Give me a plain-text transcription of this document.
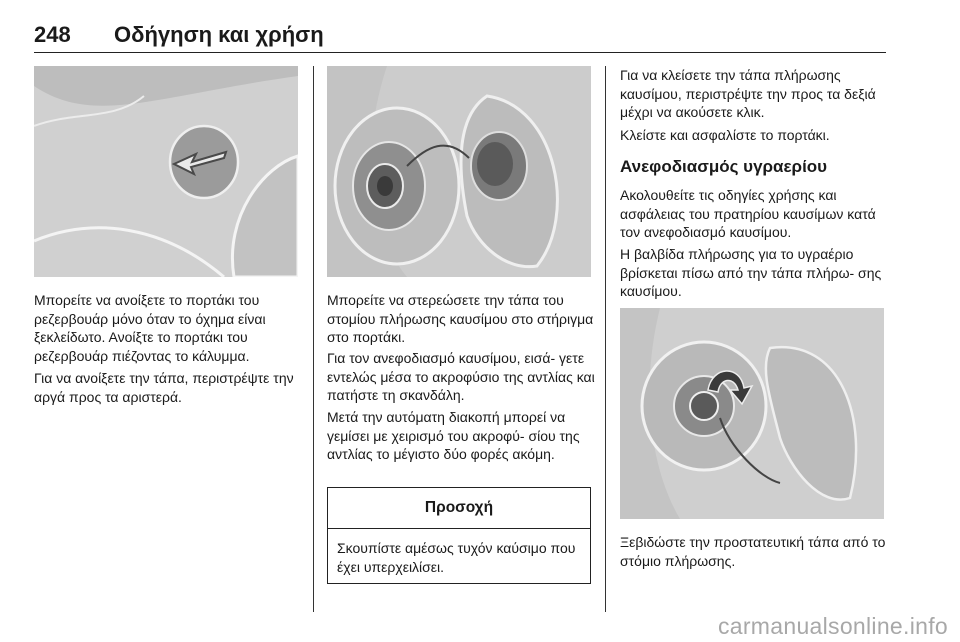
248 Οδήγηση και χρήση

Μπορείτε να ανοίξετε το πορτάκι του ρεζερβουάρ μόνο όταν το όχημα είναι ξεκλείδωτο. Ανοίξτε το πορτάκι του ρεζερβουάρ πιέζοντας το κάλυμμα.

Για να ανοίξετε την τάπα, περιστρέψτε την αργά προς τα αριστερά.

Μπορείτε να στερεώσετε την τάπα του στομίου πλήρωσης καυσίμου στο στήριγμα στο πορτάκι.

Για τον ανεφοδιασμό καυσίμου, εισά‐ γετε εντελώς μέσα το ακροφύσιο της αντλίας και πατήστε τη σκανδάλη.

Μετά την αυτόματη διακοπή μπορεί να γεμίσει με χειρισμό του ακροφύ‐ σίου της αντλίας το μέγιστο δύο φορές ακόμη.

Προσοχή

Σκουπίστε αμέσως τυχόν καύσιμο που έχει υπερχειλίσει.

Για να κλείσετε την τάπα πλήρωσης καυσίμου, περιστρέψτε την προς τα δεξιά μέχρι να ακούσετε κλικ.

Κλείστε και ασφαλίστε το πορτάκι.

Ανεφοδιασμός υγραερίου

Ακολουθείτε τις οδηγίες χρήσης και ασφάλειας του πρατηρίου καυσίμων κατά τον ανεφοδιασμό καυσίμου.

Η βαλβίδα πλήρωσης για το υγραέριο βρίσκεται πίσω από την τάπα πλήρω‐ σης καυσίμου.

Ξεβιδώστε την προστατευτική τάπα από το στόμιο πλήρωσης.

carmanualsonline.info
